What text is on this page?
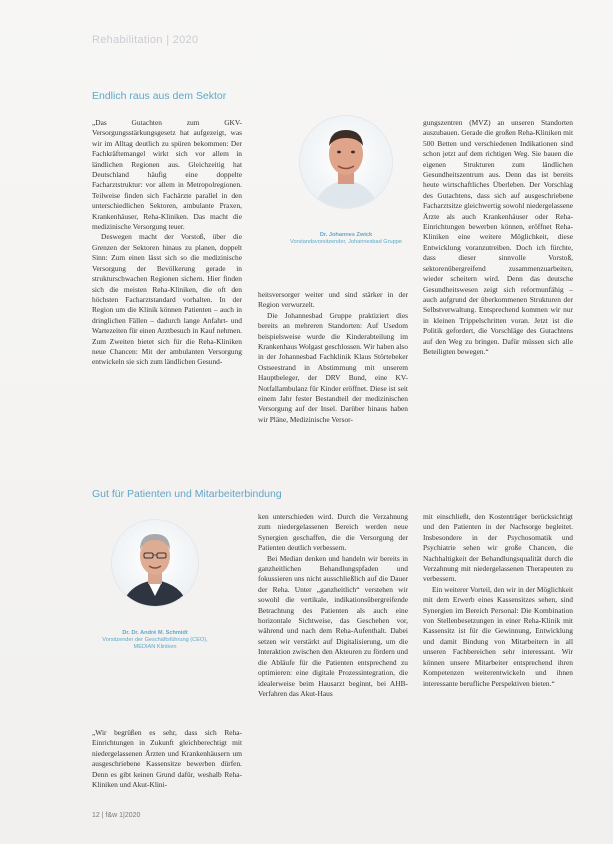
Rehabilitation | 2020
Endlich raus aus dem Sektor

„Das Gutachten zum GKV-Versorgungsstärkungsgesetz hat aufgezeigt, was wir im Alltag deutlich zu spüren bekommen: Der Fachkräftemangel wirkt sich vor allem in ländlichen Regionen aus. Gleichzeitig hat Deutschland häufig eine doppelte Facharztstruktur: vor allem in Metropolregionen. Teilweise finden sich Fachärzte parallel in den unterschiedlichen Sektoren, ambulante Praxen, Krankenhäuser, Reha-Kliniken. Das macht die medizinische Versorgung teuer.

Deswegen macht der Vorstoß, über die Grenzen der Sektoren hinaus zu planen, doppelt Sinn: Zum einen lässt sich so die medizinische Versorgung der Bevölkerung gerade in strukturschwachen Regionen sichern. Hier finden sich die meisten Reha-Kliniken, die oft den höchsten Facharztstandard vorhalten. In der Region um die Klinik können Patienten – auch in dringlichen Fällen – dadurch lange Anfahrt- und Wartezeiten für einen Arztbesuch in Kauf nehmen. Zum Zweiten bietet sich für die Reha-Kliniken neue Chancen: Mit der ambulanten Versorgung entwickeln sie sich zum ländlichen Gesund-

Dr. Johannes Zwick
Vorstandsvorsitzender, Johannesbad Gruppe

heitsversorger weiter und sind stärker in der Region verwurzelt.

Die Johannesbad Gruppe praktiziert dies bereits an mehreren Standorten: Auf Usedom beispielsweise wurde die Kinderabteilung im Krankenhaus Wolgast geschlossen. Wir haben also in der Johannesbad Fachklinik Klaus Störtebeker Ostseestrand in Abstimmung mit unserem Hauptbeleger, der DRV Bund, eine KV-Notfallambulanz für Kinder eröffnet. Diese ist seit einem Jahr fester Bestandteil der medizinischen Versorgung auf der Insel. Darüber hinaus haben wir Pläne, Medizinische Versor-

gungszentren (MVZ) an unseren Standorten auszubauen. Gerade die großen Reha-Kliniken mit 500 Betten und verschiedenen Indikationen sind schon jetzt auf dem richtigen Weg. Sie bauen die eigenen Strukturen zum ländlichen Gesundheitszentrum aus. Denn das ist bereits heute wirtschaftliches Überleben. Der Vorschlag des Gutachtens, dass sich auf ausgeschriebene Facharztsitze gleichwertig sowohl niedergelassene Ärzte als auch Krankenhäuser oder Reha-Einrichtungen bewerben können, eröffnet Reha-Kliniken eine weitere Möglichkeit, diese Entwicklung voranzutreiben. Doch ich fürchte, dass dieser sinnvolle Vorstoß, sektorenübergreifend zusammenzuarbeiten, wieder scheitern wird. Denn das deutsche Gesundheitswesen zeigt sich reformunfähig – auch aufgrund der überkommenen Strukturen der Selbstverwaltung. Entsprechend kommen wir nur in kleinen Trippelschritten voran. Jetzt ist die Politik gefordert, die Vorschläge des Gutachtens auf den Weg zu bringen. Dafür müssen sich alle Beteiligten bewegen.“

Gut für Patienten und Mitarbeiterbindung
Dr. Dr. André M. Schmidt
Vorsitzender der Geschäftsführung (CEO), MEDIAN Kliniken

„Wir begrüßen es sehr, dass sich Reha-Einrichtungen in Zukunft gleichberechtigt mit niedergelassenen Ärzten und Krankenhäusern um ausgeschriebene Kassensitze bewerben dürfen. Denn es gibt keinen Grund dafür, weshalb Reha-Kliniken und Akut-Klini-

ken unterschieden wird. Durch die Verzahnung zum niedergelassenen Bereich werden neue Synergien geschaffen, die die Versorgung der Patienten deutlich verbessern.

Bei Median denken und handeln wir bereits in ganzheitlichen Behandlungspfaden und fokussieren uns nicht ausschließlich auf die Dauer der Reha. Unter „ganzheitlich“ verstehen wir sowohl die vertikale, indikationsübergreifende Betrachtung des Patienten als auch eine horizontale Sichtweise, das Geschehen vor, während und nach dem Reha-Aufenthalt. Dabei setzen wir verstärkt auf Digitalisierung, um die Interaktion zwischen den Akteuren zu fördern und die Abläufe für die Patienten entsprechend zu optimieren: eine digitale Prozessintegration, die idealerweise beim Hausarzt beginnt, bei AHB-Verfahren das Akut-Haus

mit einschließt, den Kostenträger berücksichtigt und den Patienten in der Nachsorge begleitet. Insbesondere in der Psychosomatik und Psychiatrie sehen wir große Chancen, die Nachhaltigkeit der Behandlungsqualität durch die Verzahnung mit niedergelassenen Therapeuten zu verbessern.

Ein weiterer Vorteil, den wir in der Möglichkeit mit dem Erwerb eines Kassensitzes sehen, sind Synergien im Bereich Personal: Die Kombination von Stellenbesetzungen in einer Reha-Klinik mit Kassensitz ist für die Gewinnung, Entwicklung und damit Bindung von Mitarbeitern in all unseren Fachbereichen sehr interessant. Wir können unsere Mitarbeiter entsprechend ihren Kompetenzen weiterentwickeln und ihnen interessante berufliche Perspektiven bieten.“

12 | f&w 1|2020
